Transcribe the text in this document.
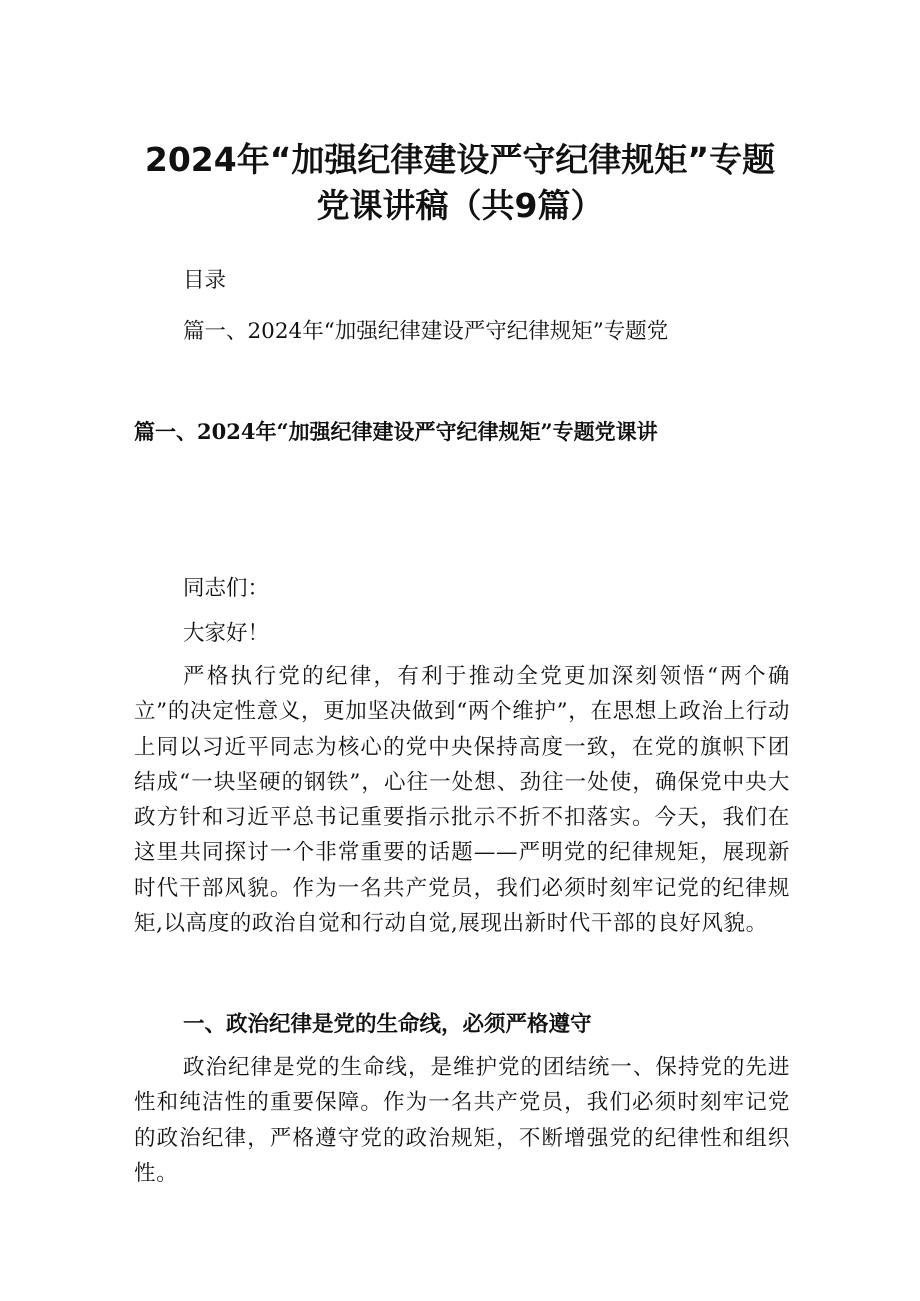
2024年“加强纪律建设严守纪律规矩”专题
党课讲稿（共9篇）

目录

篇一、2024年“加强纪律建设严守纪律规矩”专题党

篇一、2024年“加强纪律建设严守纪律规矩”专题党课讲

同志们：

大家好！

严格执行党的纪律，有利于推动全党更加深刻领悟“两个确立”的决定性意义，更加坚决做到“两个维护”，在思想上政治上行动上同以习近平同志为核心的党中央保持高度一致，在党的旗帜下团结成“一块坚硬的钢铁”，心往一处想、劲往一处使，确保党中央大政方针和习近平总书记重要指示批示不折不扣落实。今天，我们在这里共同探讨一个非常重要的话题——严明党的纪律规矩，展现新时代干部风貌。作为一名共产党员，我们必须时刻牢记党的纪律规矩,以高度的政治自觉和行动自觉,展现出新时代干部的良好风貌。

一、政治纪律是党的生命线，必须严格遵守

政治纪律是党的生命线，是维护党的团结统一、保持党的先进性和纯洁性的重要保障。作为一名共产党员，我们必须时刻牢记党的政治纪律，严格遵守党的政治规矩，不断增强党的纪律性和组织性。
